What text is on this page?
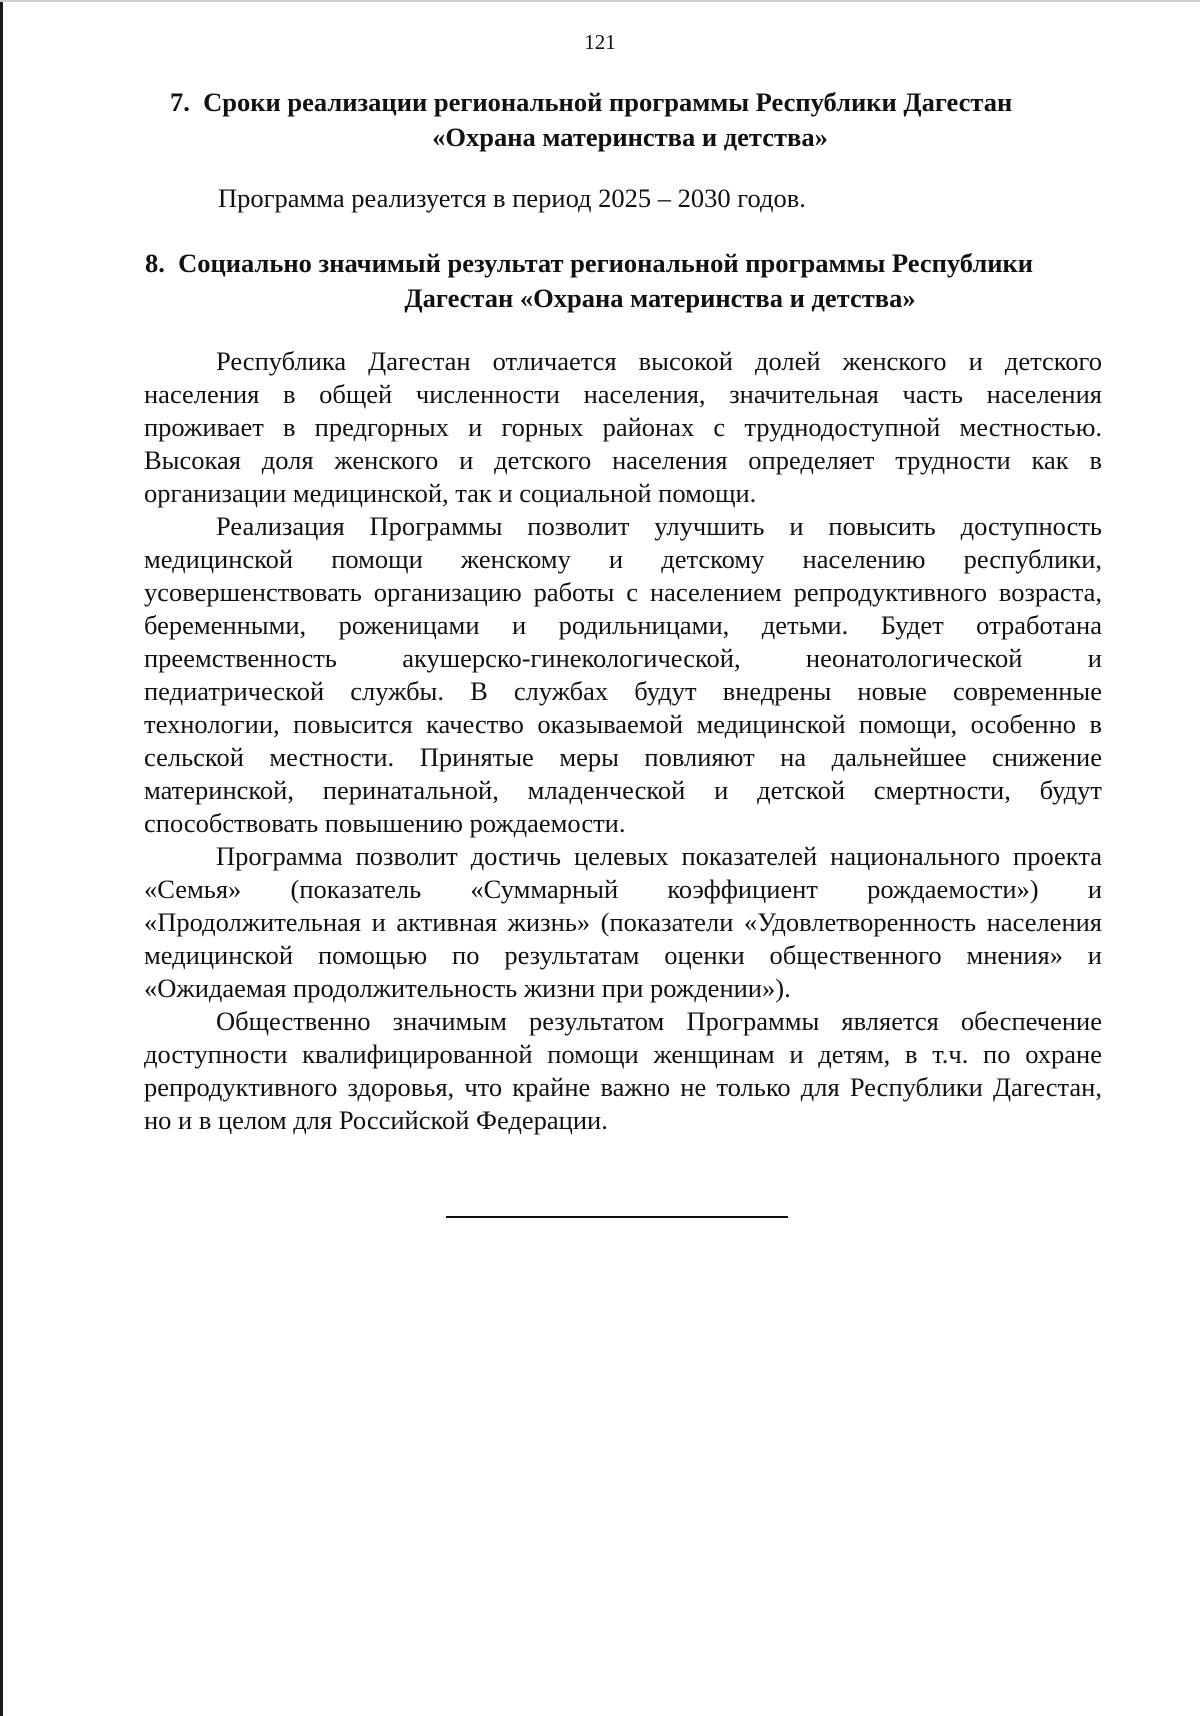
121
7. Сроки реализации региональной программы Республики Дагестан
«Охрана материнства и детства»
Программа реализуется в период 2025 – 2030 годов.
8. Социально значимый результат региональной программы Республики
Дагестан «Охрана материнства и детства»

Республика Дагестан отличается высокой долей женского и детского населения в общей численности населения, значительная часть населения проживает в предгорных и горных районах с труднодоступной местностью. Высокая доля женского и детского населения определяет трудности как в организации медицинской, так и социальной помощи.

Реализация Программы позволит улучшить и повысить доступность медицинской помощи женскому и детскому населению республики, усовершенствовать организацию работы с населением репродуктивного возраста, беременными, роженицами и родильницами, детьми. Будет отработана преемственность акушерско-гинекологической, неонатологической и педиатрической службы. В службах будут внедрены новые современные технологии, повысится качество оказываемой медицинской помощи, особенно в сельской местности. Принятые меры повлияют на дальнейшее снижение материнской, перинатальной, младенческой и детской смертности, будут способствовать повышению рождаемости.

Программа позволит достичь целевых показателей национального проекта «Семья» (показатель «Суммарный коэффициент рождаемости») и «Продолжительная и активная жизнь» (показатели «Удовлетворенность населения медицинской помощью по результатам оценки общественного мнения» и «Ожидаемая продолжительность жизни при рождении»).

Общественно значимым результатом Программы является обеспечение доступности квалифицированной помощи женщинам и детям, в т.ч. по охране репродуктивного здоровья, что крайне важно не только для Республики Дагестан, но и в целом для Российской Федерации.
